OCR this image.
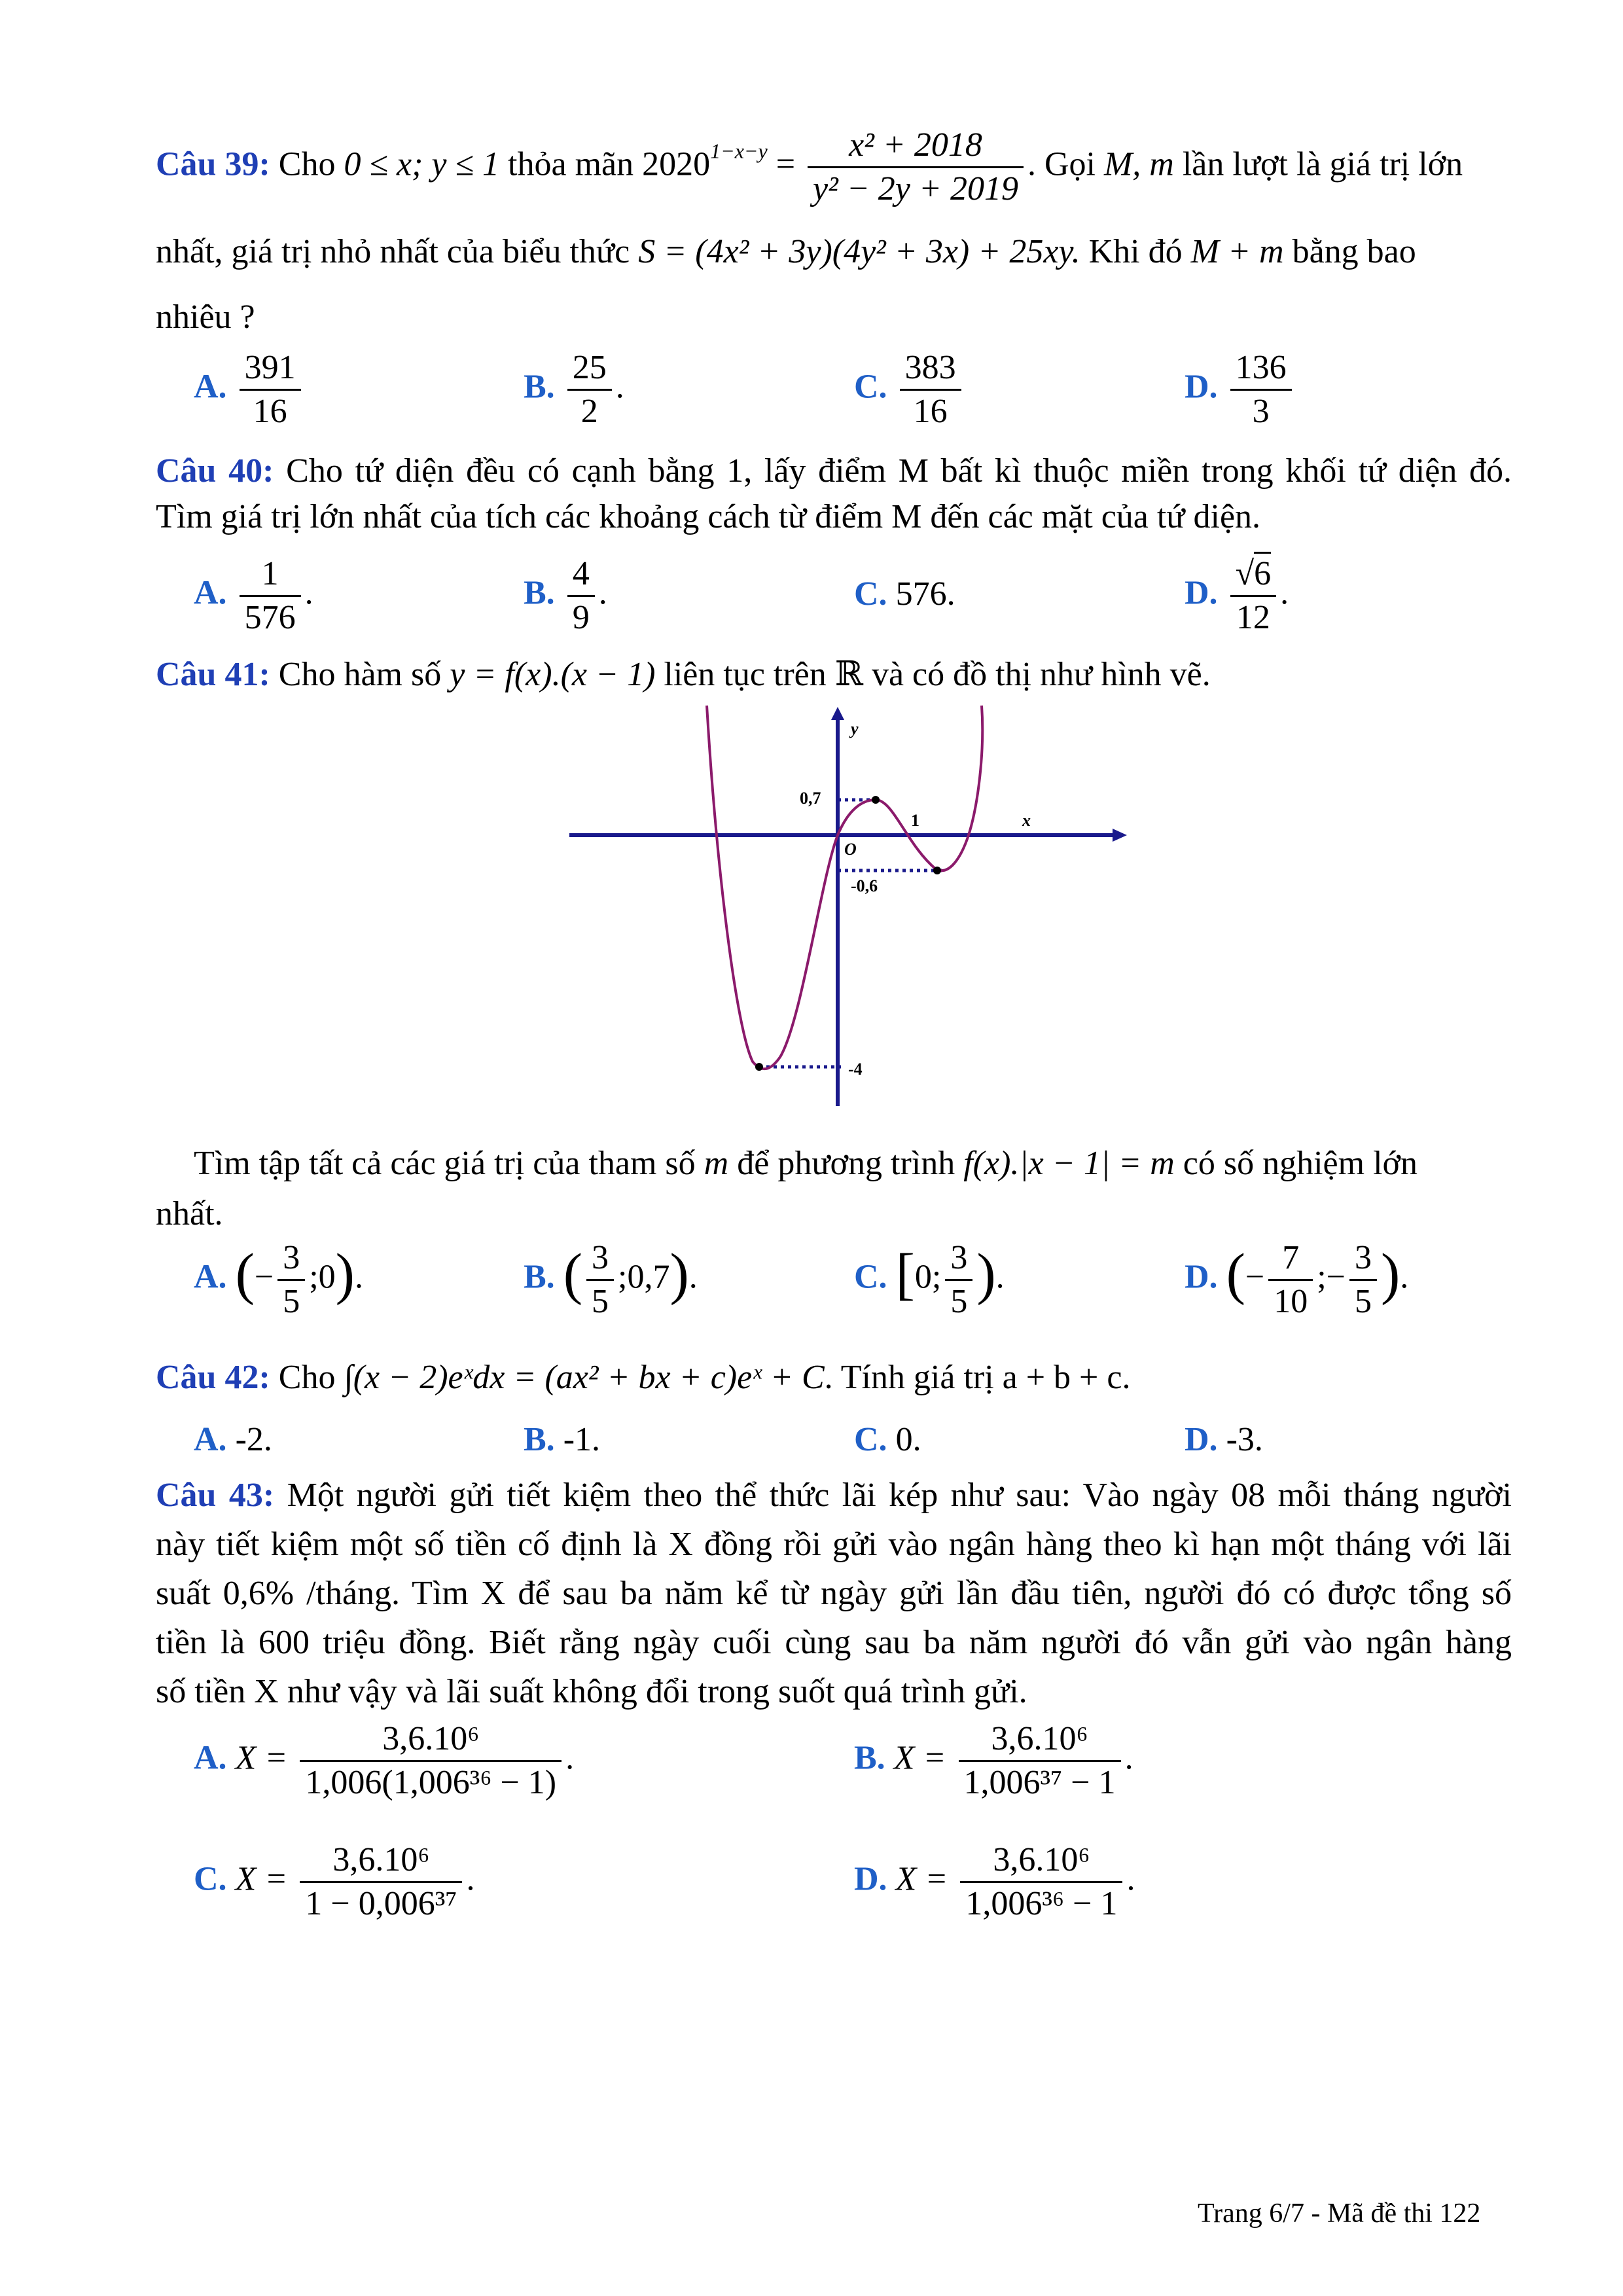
Câu 39: Cho 0 ≤ x; y ≤ 1 thỏa mãn $2020^{1-x-y} = \frac{\text{x² + 2018}}{\text{y² − 2y + 2019}}$ . Gọi M, m lần lượt là giá trị lớn
nhất, giá trị nhỏ nhất của biểu thức S = (4x² + 3y)(4y² + 3x) + 25xy. Khi đó M + m bằng bao
nhiêu ?
A. $\frac{391}{16}$	B. $\frac{25}{2}$ .	C. $\frac{383}{16}$	D. $\frac{136}{3}$
Câu 40: Cho tứ diện đều có cạnh bằng 1, lấy điểm M bất kì thuộc miền trong khối tứ diện đó.
Tìm giá trị lớn nhất của tích các khoảng cách từ điểm M đến các mặt của tứ diện.
A. $\frac{1}{576}$ .	B. $\frac{4}{9}$ .	C. 576.	D. $\frac{√6}{12}$ .
Câu 41: Cho hàm số y = f(x).(x − 1) liên tục trên ℝ và có đồ thị như hình vẽ.
y
x
O
0,7
1
-0,6
-4
Tìm tập tất cả các giá trị của tham số m để phương trình f(x).|x − 1| = m có số nghiệm lớn
nhất.
A. (− $\frac{3}{5}$ ;0).	B. ( $\frac{3}{5}$ ;0,7).	C. [0; $\frac{3}{5}$ ).	D. (− $\frac{7}{10}$ ;− $\frac{3}{5}$ ).
Câu 42: Cho ∫(x − 2)eˣdx = (ax² + bx + c)eˣ + C. Tính giá trị a + b + c.
A. -2.	B. -1.	C. 0.	D. -3.
Câu 43: Một người gửi tiết kiệm theo thể thức lãi kép như sau: Vào ngày 08 mỗi tháng người
này tiết kiệm một số tiền cố định là X đồng rồi gửi vào ngân hàng theo kì hạn một tháng với lãi
suất 0,6% /tháng. Tìm X để sau ba năm kể từ ngày gửi lần đầu tiên, người đó có được tổng số
tiền là 600 triệu đồng. Biết rằng ngày cuối cùng sau ba năm người đó vẫn gửi vào ngân hàng
số tiền X như vậy và lãi suất không đổi trong suốt quá trình gửi.
A. $X = \frac{\text{3,6.10⁶}}{\text{1,006(1,006³⁶ − 1)}}$ .	B. $X = \frac{\text{3,6.10⁶}}{\text{1,006³⁷ − 1}}$ .
C. $X = \frac{\text{3,6.10⁶}}{\text{1 − 0,006³⁷}}$ .	D. $X = \frac{\text{3,6.10⁶}}{\text{1,006³⁶ − 1}}$ .
Trang 6/7 - Mã đề thi 122
